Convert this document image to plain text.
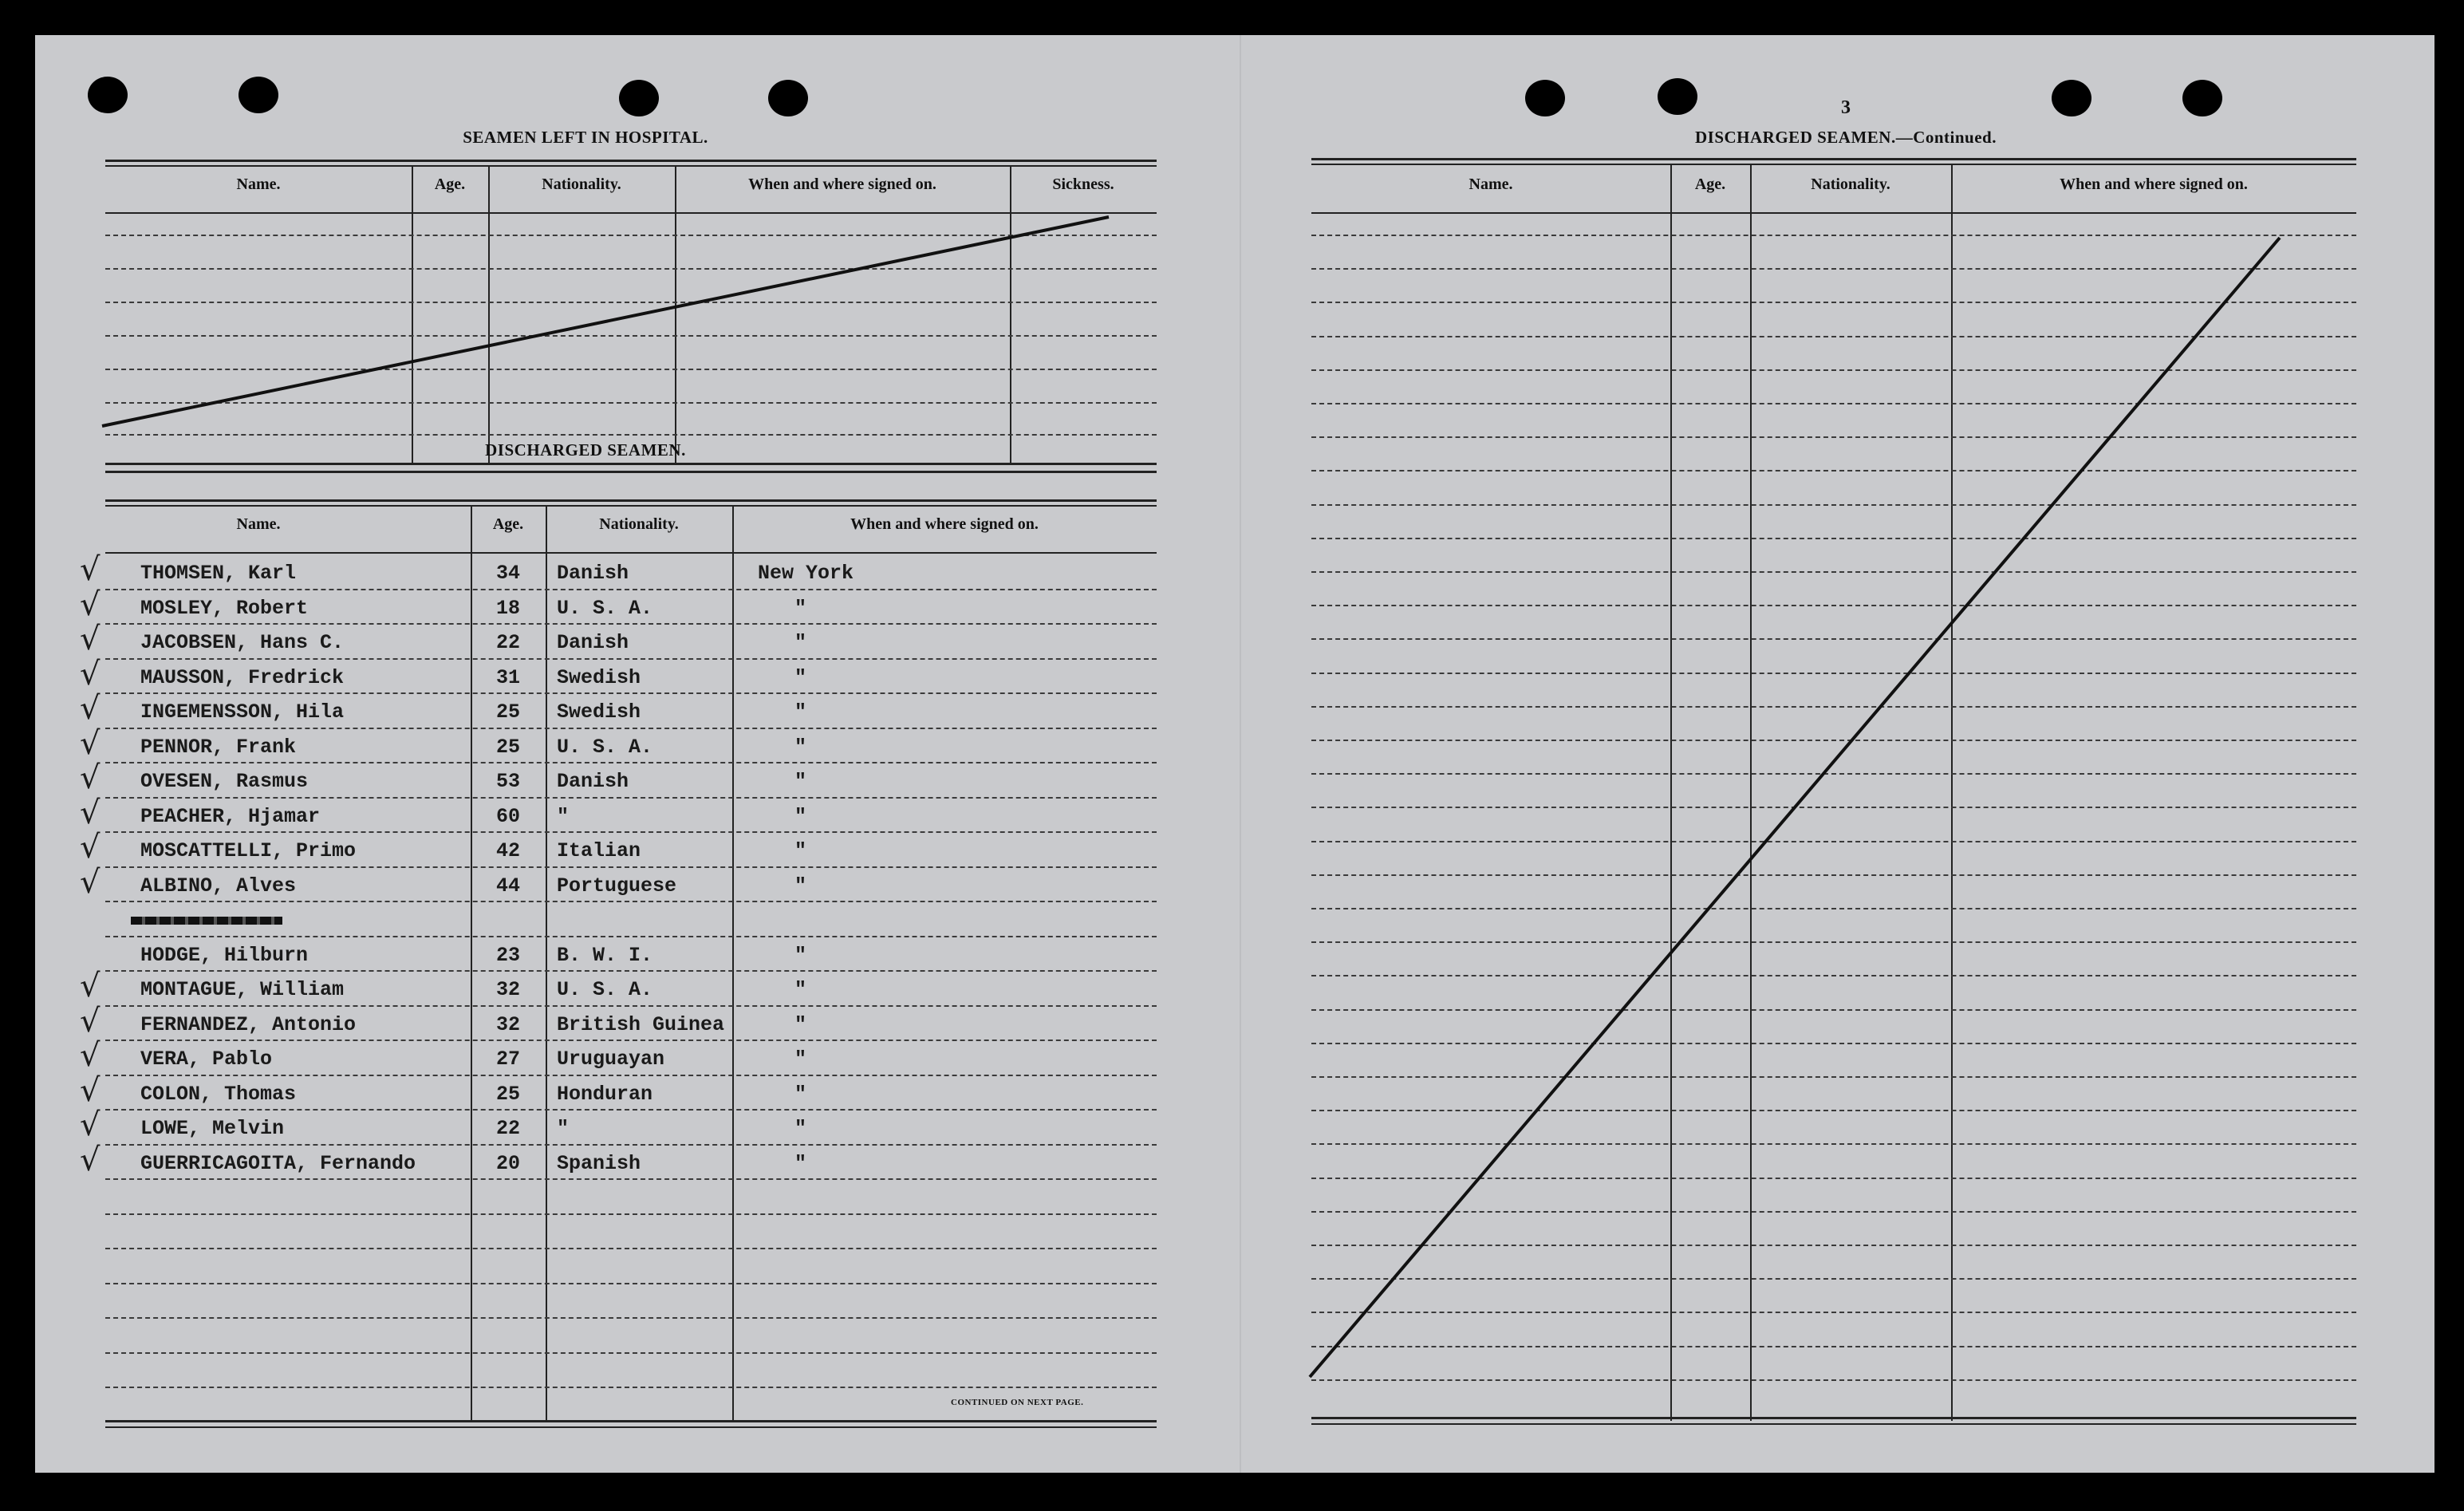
SEAMEN LEFT IN HOSPITAL.
Name.	Age.	Nationality.	When and where signed on.	Sickness.
DISCHARGED SEAMEN.
Name.	Age.	Nationality.	When and where signed on.
√ THOMSEN, Karl	34	Danish	New York
√ MOSLEY, Robert	18	U. S. A.	"
√ JACOBSEN, Hans C.	22	Danish	"
√ MAUSSON, Fredrick	31	Swedish	"
√ INGEMENSSON, Hila	25	Swedish	"
√ PENNOR, Frank	25	U. S. A.	"
√ OVESEN, Rasmus	53	Danish	"
√ PEACHER, Hjamar	60	"	"
√ MOSCATTELLI, Primo	42	Italian	"
√ ALBINO, Alves	44	Portuguese	"
HODGE, Hilburn	23	B. W. I.	"
√ MONTAGUE, William	32	U. S. A.	"
√ FERNANDEZ, Antonio	32	British Guinea	"
√ VERA, Pablo	27	Uruguayan	"
√ COLON, Thomas	25	Honduran	"
√ LOWE, Melvin	22	"	"
√ GUERRICAGOITA, Fernando	20	Spanish	"
CONTINUED ON NEXT PAGE.
3
DISCHARGED SEAMEN.—Continued.
Name.	Age.	Nationality.	When and where signed on.
